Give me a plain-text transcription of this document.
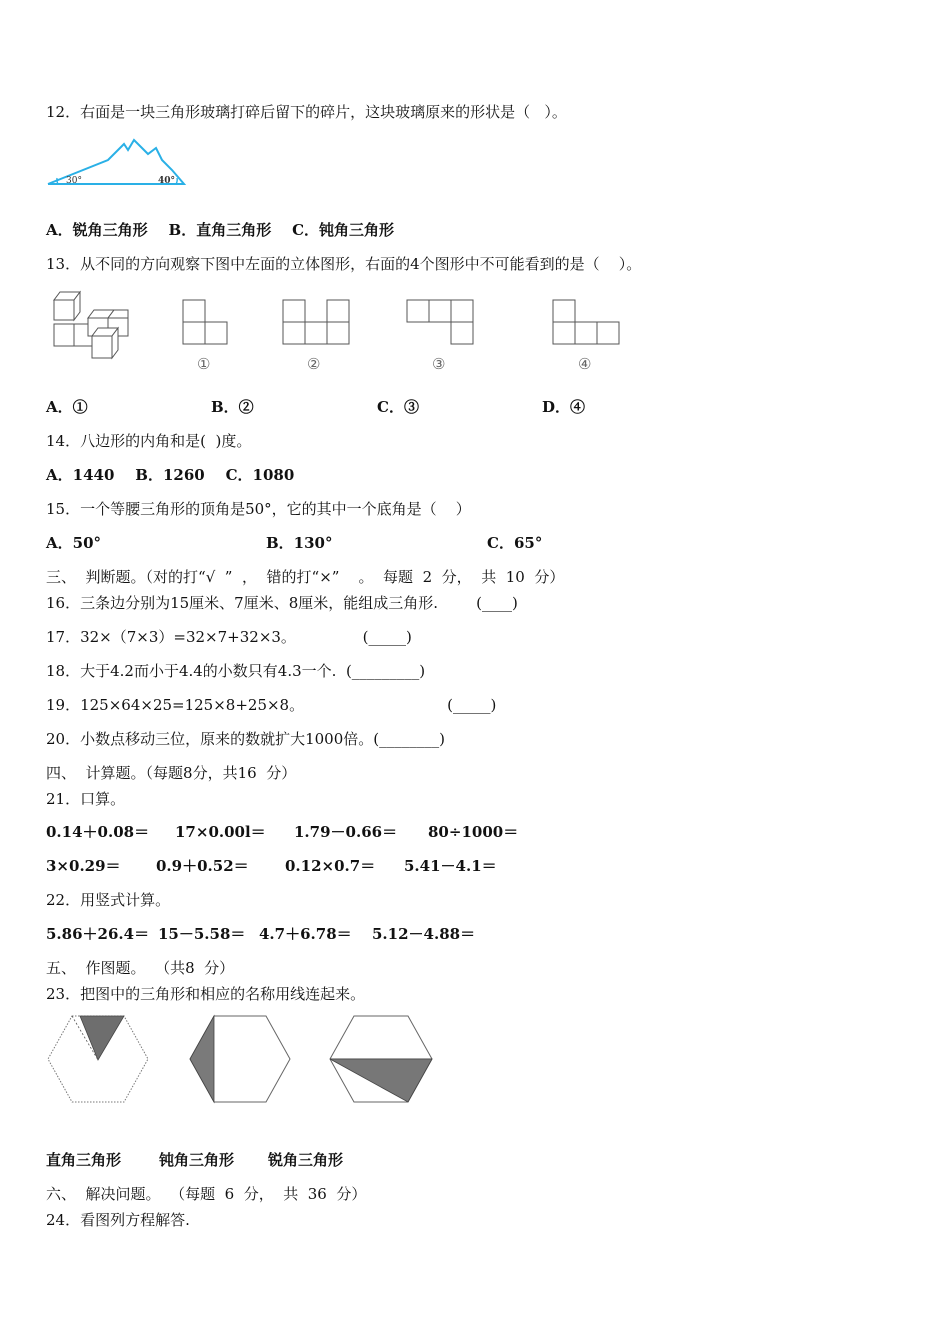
12．右面是一块三角形玻璃打碎后留下的碎片，这块玻璃原来的形状是（   ）。
30°	40°
A．锐角三角形    B．直角三角形    C．钝角三角形
13．从不同的方向观察下图中左面的立体图形，右面的4个图形中不可能看到的是（    ）。
①	②	③	④

A．①

	B．②

	C．③

	D．④

14．八边形的内角和是(  )度。
A．1440    B．1260    C．1080
15．一个等腰三角形的顶角是50°，它的其中一个底角是（    ）

A．50°

	B．130°

	C．65°

三、  判断题。（对的打“√  ”  ，  错的打“×”    。  每题  2  分，  共  10  分）
16．三条边分别为15厘米、7厘米、8厘米，能组成三角形.        (____)
17．32×（7×3）=32×7+32×3。              (_____)
18．大于4.2而小于4.4的小数只有4.3一个.  (_________)
19．125×64×25=125×8+25×8。                              (_____)
20．小数点移动三位，原来的数就扩大1000倍。(________)
四、  计算题。（每题8分，共16  分）
21．口算。

0.14＋0.08＝

17×0.00l＝

1.79－0.66＝

80÷1000＝

3×0.29＝

0.9＋0.52＝

0.12×0.7＝

5.41－4.1＝

22．用竖式计算。

5.86＋26.4＝

15－5.58＝

4.7＋6.78＝

5.12－4.88＝

五、  作图题。  （共8  分）
23．把图中的三角形和相应的名称用线连起来。

直角三角形

	钝角三角形

锐角三角形

六、  解决问题。  （每题  6  分，  共  36  分）
24．看图列方程解答.
